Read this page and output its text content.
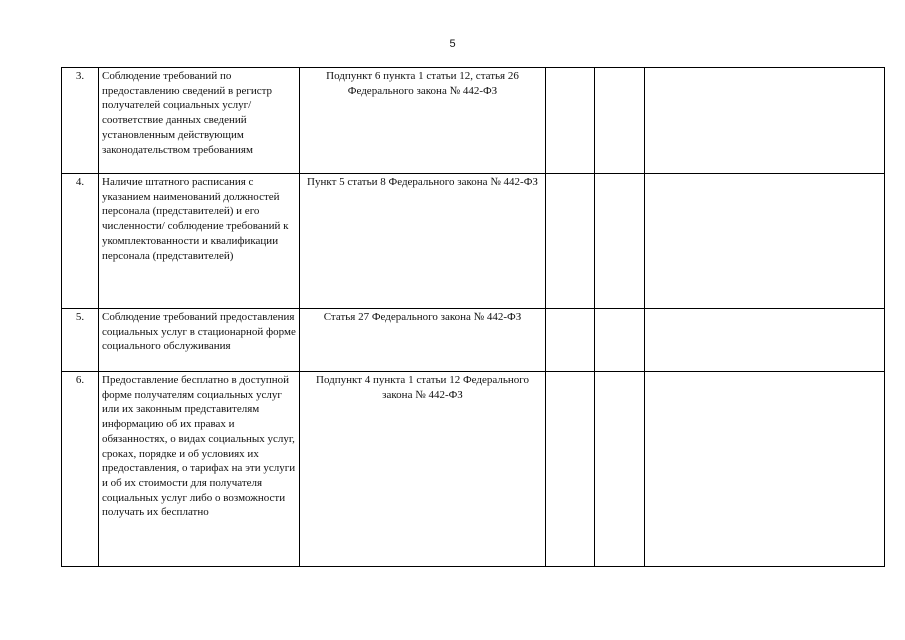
5
3.	Соблюдение требований по предоставлению сведений в регистр получателей социальных услуг/соответствие данных сведений установленным действующим законодательством требованиям	Подпункт 6 пункта 1 статьи 12, статья 26 Федерального закона № 442-ФЗ			
4.	Наличие штатного расписания с указанием наименований должностей персонала (представителей) и его численности/ соблюдение требований к укомплектованности и квалификации персонала (представителей)	Пункт 5 статьи 8 Федерального закона № 442-ФЗ			
5.	Соблюдение требований предоставления социальных услуг в стационарной форме социального обслуживания	Статья 27 Федерального закона № 442-ФЗ			
6.	Предоставление бесплатно в доступной форме получателям социальных услуг или их законным представителям информацию об их правах и обязанностях, о видах социальных услуг, сроках, порядке и об условиях их предоставления, о тарифах на эти услуги и об их стоимости для получателя социальных услуг либо о возможности получать их бесплатно	Подпункт 4 пункта 1 статьи 12 Федерального закона № 442-ФЗ			
